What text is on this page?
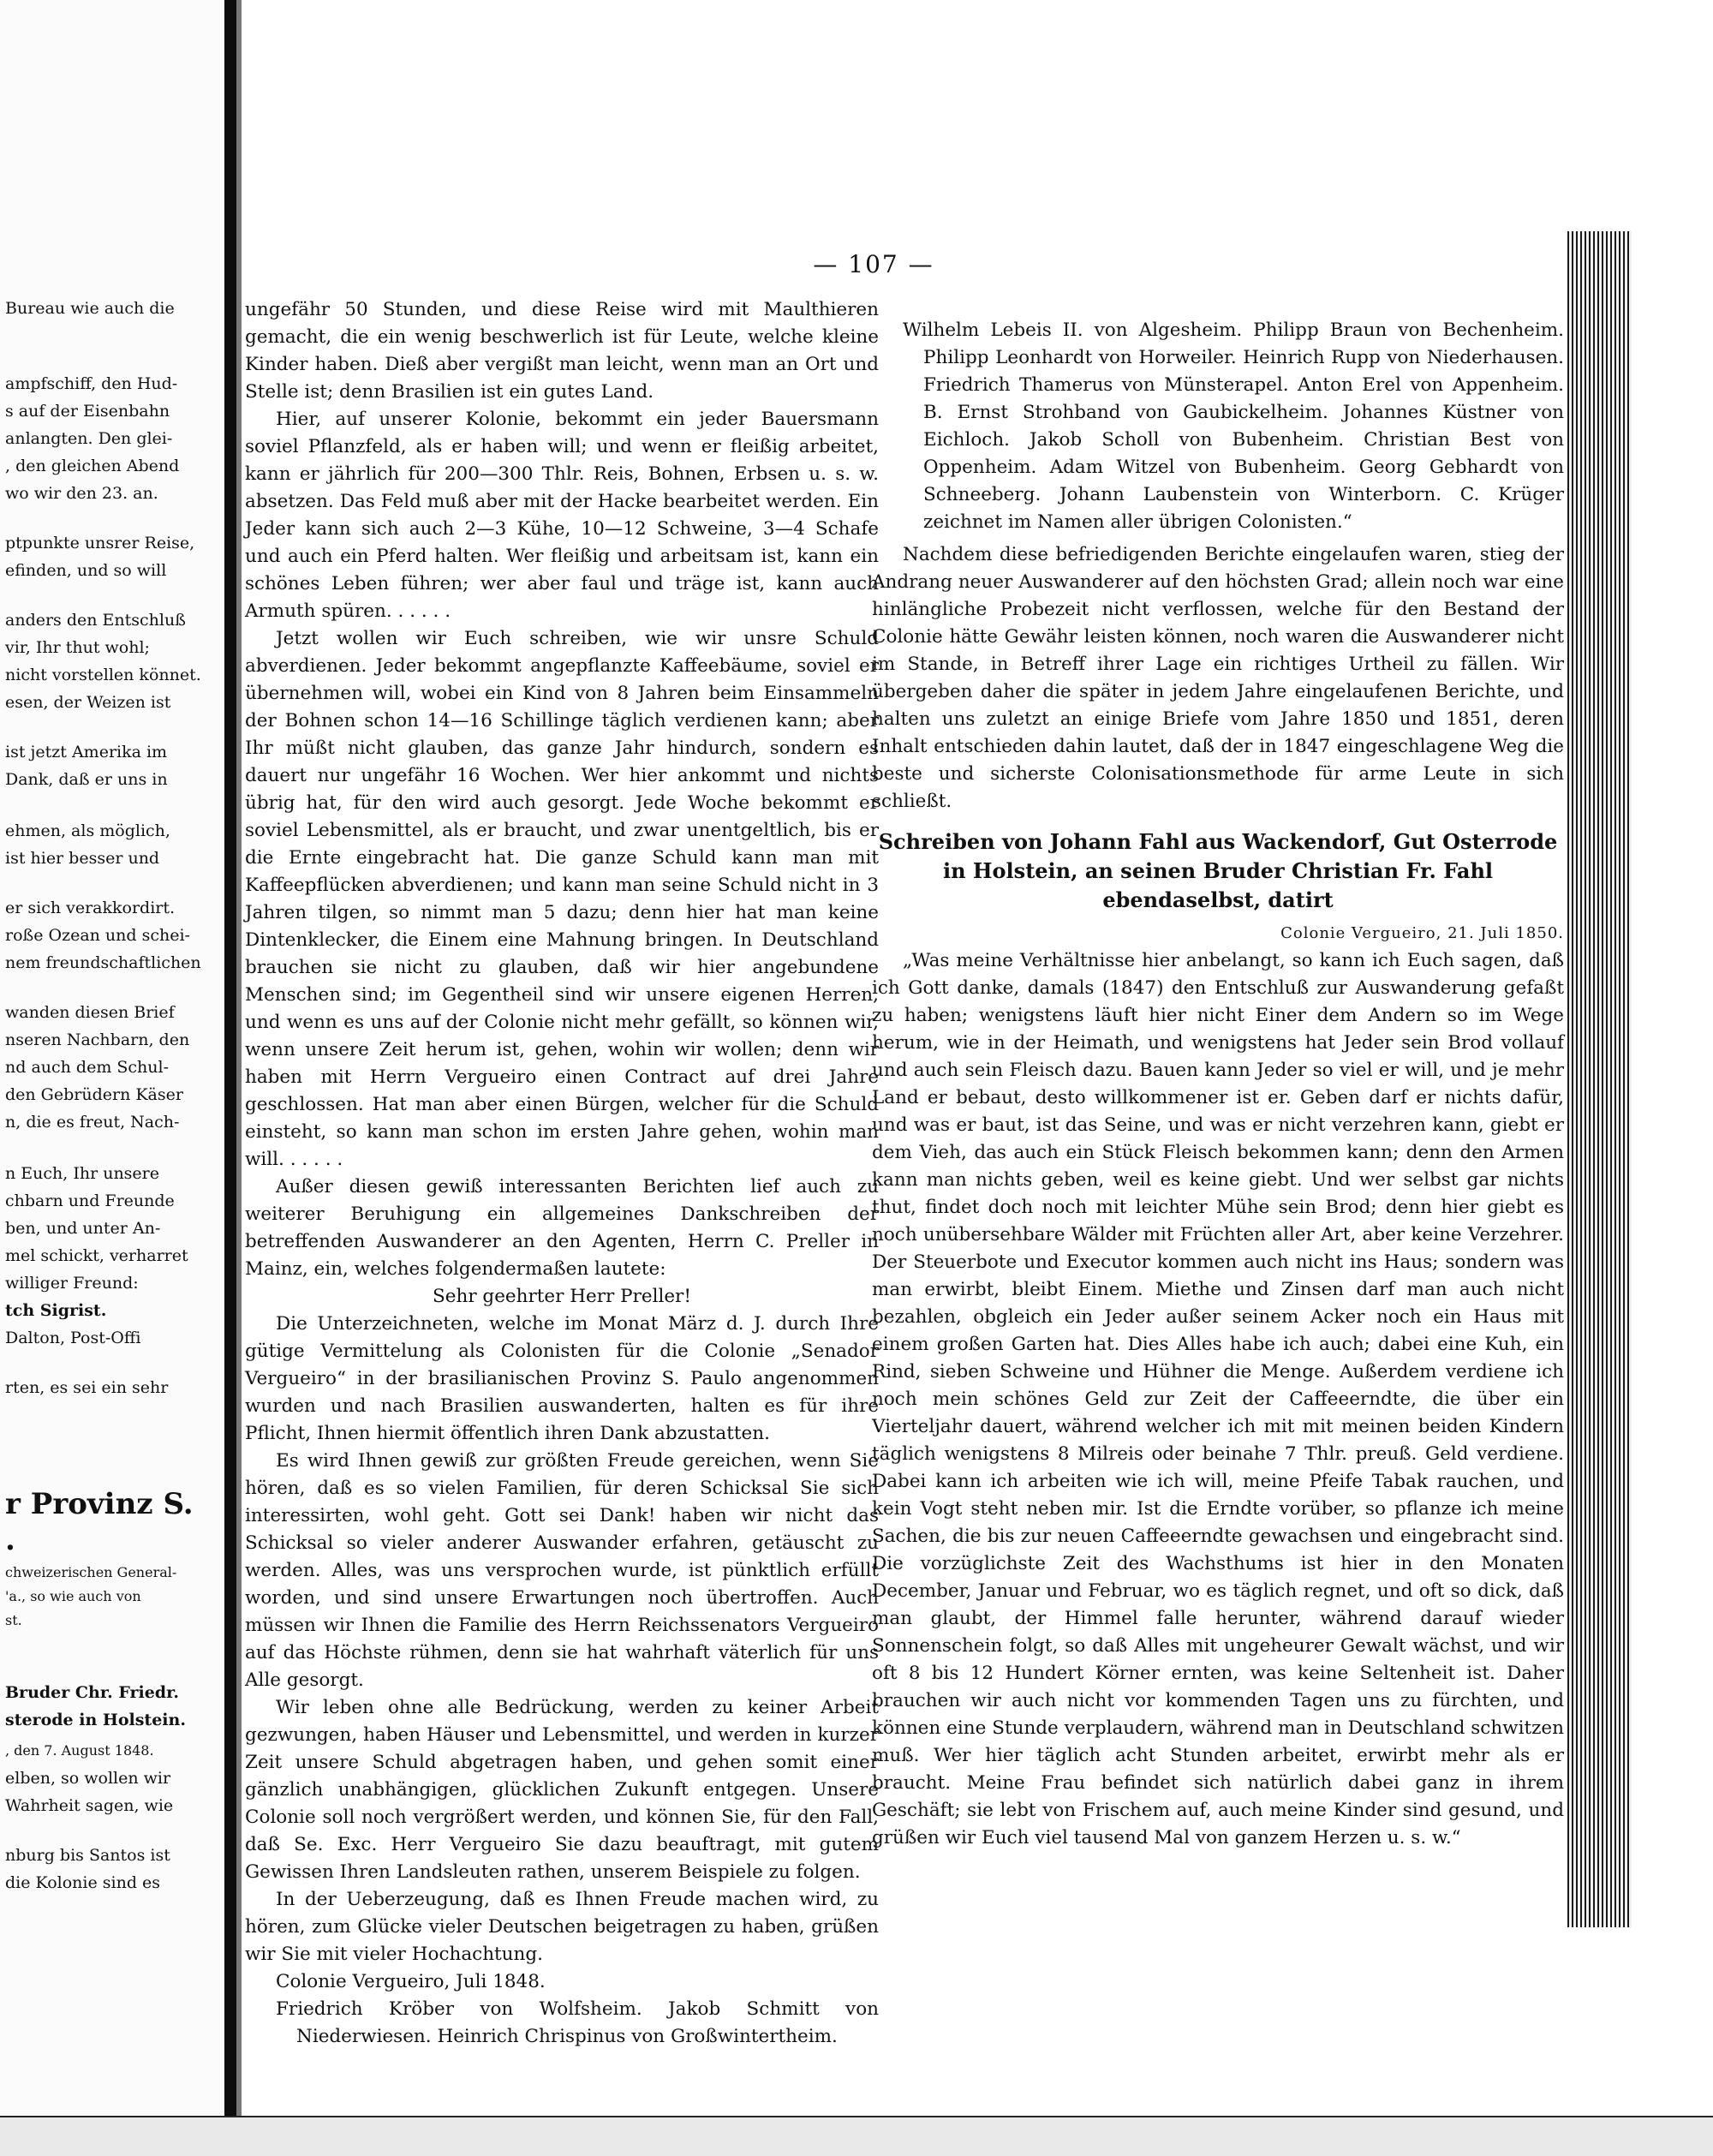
Bureau wie auch die
ampfschiff, den Hud-
s auf der Eisenbahn
anlangten. Den glei-
, den gleichen Abend
wo wir den 23. an.
ptpunkte unsrer Reise,
efinden, und so will
anders den Entschluß
vir, Ihr thut wohl;
nicht vorstellen könnet.
esen, der Weizen ist
ist jetzt Amerika im
Dank, daß er uns in
ehmen, als möglich,
ist hier besser und
er sich verakkordirt.
roße Ozean und schei-
nem freundschaftlichen
wanden diesen Brief
nseren Nachbarn, den
nd auch dem Schul-
den Gebrüdern Käser
n, die es freut, Nach-
n Euch, Ihr unsere
chbarn und Freunde
ben, und unter An-
mel schickt, verharret
williger Freund:
tch Sigrist.
Dalton, Post-Offi
rten, es sei ein sehr
r Provinz S.
.
chweizerischen General-
'a., so wie auch von
st.
Bruder Chr. Friedr.
sterode in Holstein.
, den 7. August 1848.
elben, so wollen wir
Wahrheit sagen, wie
nburg bis Santos ist
die Kolonie sind es
— 107 —

ungefähr 50 Stunden, und diese Reise wird mit Maulthieren gemacht, die ein wenig beschwerlich ist für Leute, welche kleine Kinder haben. Dieß aber vergißt man leicht, wenn man an Ort und Stelle ist; denn Brasilien ist ein gutes Land.

Hier, auf unserer Kolonie, bekommt ein jeder Bauersmann soviel Pflanzfeld, als er haben will; und wenn er fleißig arbeitet, kann er jährlich für 200—300 Thlr. Reis, Bohnen, Erbsen u. s. w. absetzen. Das Feld muß aber mit der Hacke bearbeitet werden. Ein Jeder kann sich auch 2—3 Kühe, 10—12 Schweine, 3—4 Schafe und auch ein Pferd halten. Wer fleißig und arbeitsam ist, kann ein schönes Leben führen; wer aber faul und träge ist, kann auch Armuth spüren. . . . . .

Jetzt wollen wir Euch schreiben, wie wir unsre Schuld abverdienen. Jeder bekommt angepflanzte Kaffeebäume, soviel er übernehmen will, wobei ein Kind von 8 Jahren beim Einsammeln der Bohnen schon 14—16 Schillinge täglich verdienen kann; aber Ihr müßt nicht glauben, das ganze Jahr hindurch, sondern es dauert nur ungefähr 16 Wochen. Wer hier ankommt und nichts übrig hat, für den wird auch gesorgt. Jede Woche bekommt er soviel Lebensmittel, als er braucht, und zwar unentgeltlich, bis er die Ernte eingebracht hat. Die ganze Schuld kann man mit Kaffeepflücken abverdienen; und kann man seine Schuld nicht in 3 Jahren tilgen, so nimmt man 5 dazu; denn hier hat man keine Dintenklecker, die Einem eine Mahnung bringen. In Deutschland brauchen sie nicht zu glauben, daß wir hier angebundene Menschen sind; im Gegentheil sind wir unsere eigenen Herren, und wenn es uns auf der Colonie nicht mehr gefällt, so können wir, wenn unsere Zeit herum ist, gehen, wohin wir wollen; denn wir haben mit Herrn Vergueiro einen Contract auf drei Jahre geschlossen. Hat man aber einen Bürgen, welcher für die Schuld einsteht, so kann man schon im ersten Jahre gehen, wohin man will. . . . . .

Außer diesen gewiß interessanten Berichten lief auch zu weiterer Beruhigung ein allgemeines Dankschreiben der betreffenden Auswanderer an den Agenten, Herrn C. Preller in Mainz, ein, welches folgendermaßen lautete:

Sehr geehrter Herr Preller!

Die Unterzeichneten, welche im Monat März d. J. durch Ihre gütige Vermittelung als Colonisten für die Colonie „Senador Vergueiro“ in der brasilianischen Provinz S. Paulo angenommen wurden und nach Brasilien auswanderten, halten es für ihre Pflicht, Ihnen hiermit öffentlich ihren Dank abzustatten.

Es wird Ihnen gewiß zur größten Freude gereichen, wenn Sie hören, daß es so vielen Familien, für deren Schicksal Sie sich interessirten, wohl geht. Gott sei Dank! haben wir nicht das Schicksal so vieler anderer Auswander erfahren, getäuscht zu werden. Alles, was uns versprochen wurde, ist pünktlich erfüllt worden, und sind unsere Erwartungen noch übertroffen. Auch müssen wir Ihnen die Familie des Herrn Reichssenators Vergueiro auf das Höchste rühmen, denn sie hat wahrhaft väterlich für uns Alle gesorgt.

Wir leben ohne alle Bedrückung, werden zu keiner Arbeit gezwungen, haben Häuser und Lebensmittel, und werden in kurzer Zeit unsere Schuld abgetragen haben, und gehen somit einer gänzlich unabhängigen, glücklichen Zukunft entgegen. Unsere Colonie soll noch vergrößert werden, und können Sie, für den Fall, daß Se. Exc. Herr Vergueiro Sie dazu beauftragt, mit gutem Gewissen Ihren Landsleuten rathen, unserem Beispiele zu folgen.

In der Ueberzeugung, daß es Ihnen Freude machen wird, zu hören, zum Glücke vieler Deutschen beigetragen zu haben, grüßen wir Sie mit vieler Hochachtung.

Colonie Vergueiro, Juli 1848.

Friedrich Kröber von Wolfsheim. Jakob Schmitt von Niederwiesen. Heinrich Chrispinus von Großwintertheim.

Wilhelm Lebeis II. von Algesheim. Philipp Braun von Bechenheim. Philipp Leonhardt von Horweiler. Heinrich Rupp von Niederhausen. Friedrich Thamerus von Münsterapel. Anton Erel von Appenheim. B. Ernst Strohband von Gaubickelheim. Johannes Küstner von Eichloch. Jakob Scholl von Bubenheim. Christian Best von Oppenheim. Adam Witzel von Bubenheim. Georg Gebhardt von Schneeberg. Johann Laubenstein von Winterborn. C. Krüger zeichnet im Namen aller übrigen Colonisten.“

Nachdem diese befriedigenden Berichte eingelaufen waren, stieg der Andrang neuer Auswanderer auf den höchsten Grad; allein noch war eine hinlängliche Probezeit nicht verflossen, welche für den Bestand der Colonie hätte Gewähr leisten können, noch waren die Auswanderer nicht im Stande, in Betreff ihrer Lage ein richtiges Urtheil zu fällen. Wir übergeben daher die später in jedem Jahre eingelaufenen Berichte, und halten uns zuletzt an einige Briefe vom Jahre 1850 und 1851, deren Inhalt entschieden dahin lautet, daß der in 1847 eingeschlagene Weg die beste und sicherste Colonisationsmethode für arme Leute in sich schließt.

Schreiben von Johann Fahl aus Wackendorf, Gut Osterrode in Holstein, an seinen Bruder Christian Fr. Fahl ebendaselbst, datirt

Colonie Vergueiro, 21. Juli 1850.

„Was meine Verhältnisse hier anbelangt, so kann ich Euch sagen, daß ich Gott danke, damals (1847) den Entschluß zur Auswanderung gefaßt zu haben; wenigstens läuft hier nicht Einer dem Andern so im Wege herum, wie in der Heimath, und wenigstens hat Jeder sein Brod vollauf und auch sein Fleisch dazu. Bauen kann Jeder so viel er will, und je mehr Land er bebaut, desto willkommener ist er. Geben darf er nichts dafür, und was er baut, ist das Seine, und was er nicht verzehren kann, giebt er dem Vieh, das auch ein Stück Fleisch bekommen kann; denn den Armen kann man nichts geben, weil es keine giebt. Und wer selbst gar nichts thut, findet doch noch mit leichter Mühe sein Brod; denn hier giebt es noch unübersehbare Wälder mit Früchten aller Art, aber keine Verzehrer. Der Steuerbote und Executor kommen auch nicht ins Haus; sondern was man erwirbt, bleibt Einem. Miethe und Zinsen darf man auch nicht bezahlen, obgleich ein Jeder außer seinem Acker noch ein Haus mit einem großen Garten hat. Dies Alles habe ich auch; dabei eine Kuh, ein Rind, sieben Schweine und Hühner die Menge. Außerdem verdiene ich noch mein schönes Geld zur Zeit der Caffeeerndte, die über ein Vierteljahr dauert, während welcher ich mit mit meinen beiden Kindern täglich wenigstens 8 Milreis oder beinahe 7 Thlr. preuß. Geld verdiene. Dabei kann ich arbeiten wie ich will, meine Pfeife Tabak rauchen, und kein Vogt steht neben mir. Ist die Erndte vorüber, so pflanze ich meine Sachen, die bis zur neuen Caffeeerndte gewachsen und eingebracht sind. Die vorzüglichste Zeit des Wachsthums ist hier in den Monaten December, Januar und Februar, wo es täglich regnet, und oft so dick, daß man glaubt, der Himmel falle herunter, während darauf wieder Sonnenschein folgt, so daß Alles mit ungeheurer Gewalt wächst, und wir oft 8 bis 12 Hundert Körner ernten, was keine Seltenheit ist. Daher brauchen wir auch nicht vor kommenden Tagen uns zu fürchten, und können eine Stunde verplaudern, während man in Deutschland schwitzen muß. Wer hier täglich acht Stunden arbeitet, erwirbt mehr als er braucht. Meine Frau befindet sich natürlich dabei ganz in ihrem Geschäft; sie lebt von Frischem auf, auch meine Kinder sind gesund, und grüßen wir Euch viel tausend Mal von ganzem Herzen u. s. w.“
